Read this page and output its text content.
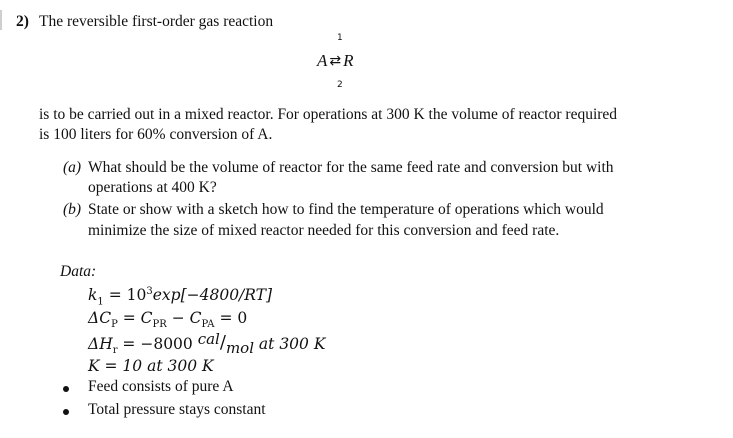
2) The reversible first-order gas reaction
1
A ⇄ R
2
is to be carried out in a mixed reactor. For operations at 300 K the volume of reactor required
is 100 liters for 60% conversion of A.
(a) What should be the volume of reactor for the same feed rate and conversion but with
operations at 400 K?
(b) State or show with a sketch how to find the temperature of operations which would
minimize the size of mixed reactor needed for this conversion and feed rate.
Data:
$k_1 = 10^3\exp[-4800/RT]$
$\Delta C_P = C_{PR} - C_{PA} = 0$
$\Delta H_r = -8000$ cal/mol at 300 K
K = 10 at 300 K
Feed consists of pure A
Total pressure stays constant
